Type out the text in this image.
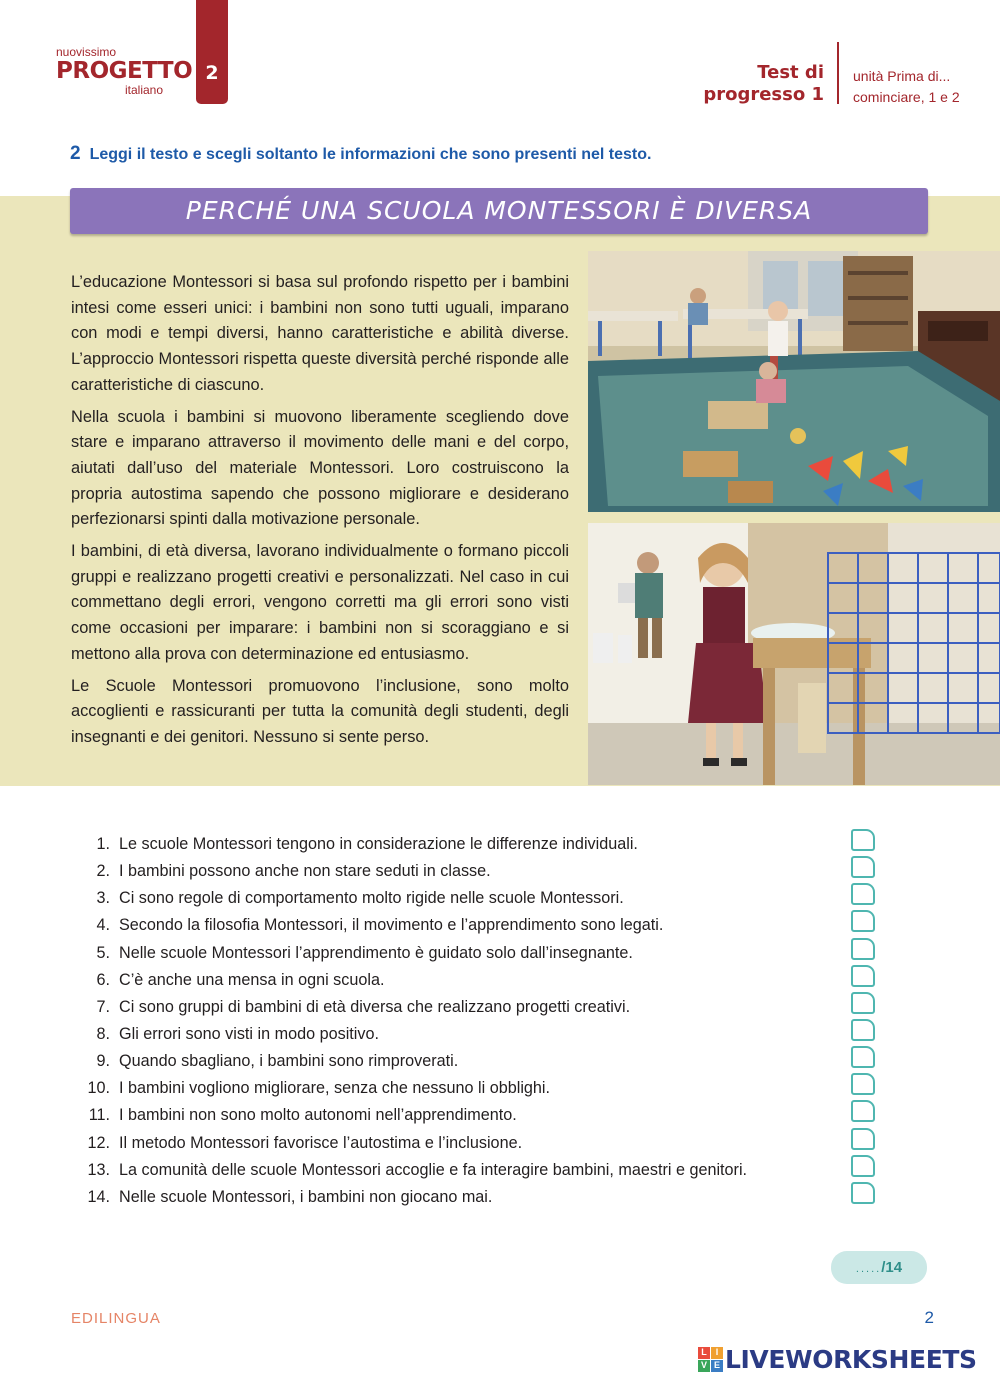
nuovissimo
PROGETTO
italiano
2	Test di
progresso 1
unità Prima di...
cominciare, 1 e 2
2 Leggi il testo e scegli soltanto le informazioni che sono presenti nel testo.
PERCHÉ UNA SCUOLA MONTESSORI È DIVERSA

L’educazione Montessori si basa sul profondo rispetto per i bambini intesi come esseri unici: i bambini non sono tutti uguali, imparano con modi e tempi diversi, hanno caratteristiche e abilità diverse. L’approccio Montessori rispetta queste diversità perché risponde alle caratteristiche di ciascuno.

Nella scuola i bambini si muovono liberamente scegliendo dove stare e imparano attraverso il movimento delle mani e del corpo, aiutati dall’uso del materiale Montessori. Loro costruiscono la propria autostima sapendo che possono migliorare e desiderano perfezionarsi spinti dalla motivazione personale.

I bambini, di età diversa, lavorano individualmente o formano piccoli gruppi e realizzano progetti creativi e personalizzati. Nel caso in cui commettano degli errori, vengono corretti ma gli errori sono visti come occasioni per imparare: i bambini non si scoraggiano e si mettono alla prova con determinazione ed entusiasmo.

Le Scuole Montessori promuovono l’inclusione, sono molto accoglienti e rassicuranti per tutta la comunità degli studenti, degli insegnanti e dei genitori. Nessuno si sente perso.

1. Le scuole Montessori tengono in considerazione le differenze individuali.
2. I bambini possono anche non stare seduti in classe.
3. Ci sono regole di comportamento molto rigide nelle scuole Montessori.
4. Secondo la filosofia Montessori, il movimento e l’apprendimento sono legati.
5. Nelle scuole Montessori l’apprendimento è guidato solo dall’insegnante.
6. C’è anche una mensa in ogni scuola.
7. Ci sono gruppi di bambini di età diversa che realizzano progetti creativi.
8. Gli errori sono visti in modo positivo.
9. Quando sbagliano, i bambini sono rimproverati.
10. I bambini vogliono migliorare, senza che nessuno li obblighi.
11. I bambini non sono molto autonomi nell’apprendimento.
12. Il metodo Montessori favorisce l’autostima e l’inclusione.
13. La comunità delle scuole Montessori accoglie e fa interagire bambini, maestri e genitori.
14. Nelle scuole Montessori, i bambini non giocano mai.
...../14
EDILINGUA	2
L I
V E LIVEWORKSHEETS
